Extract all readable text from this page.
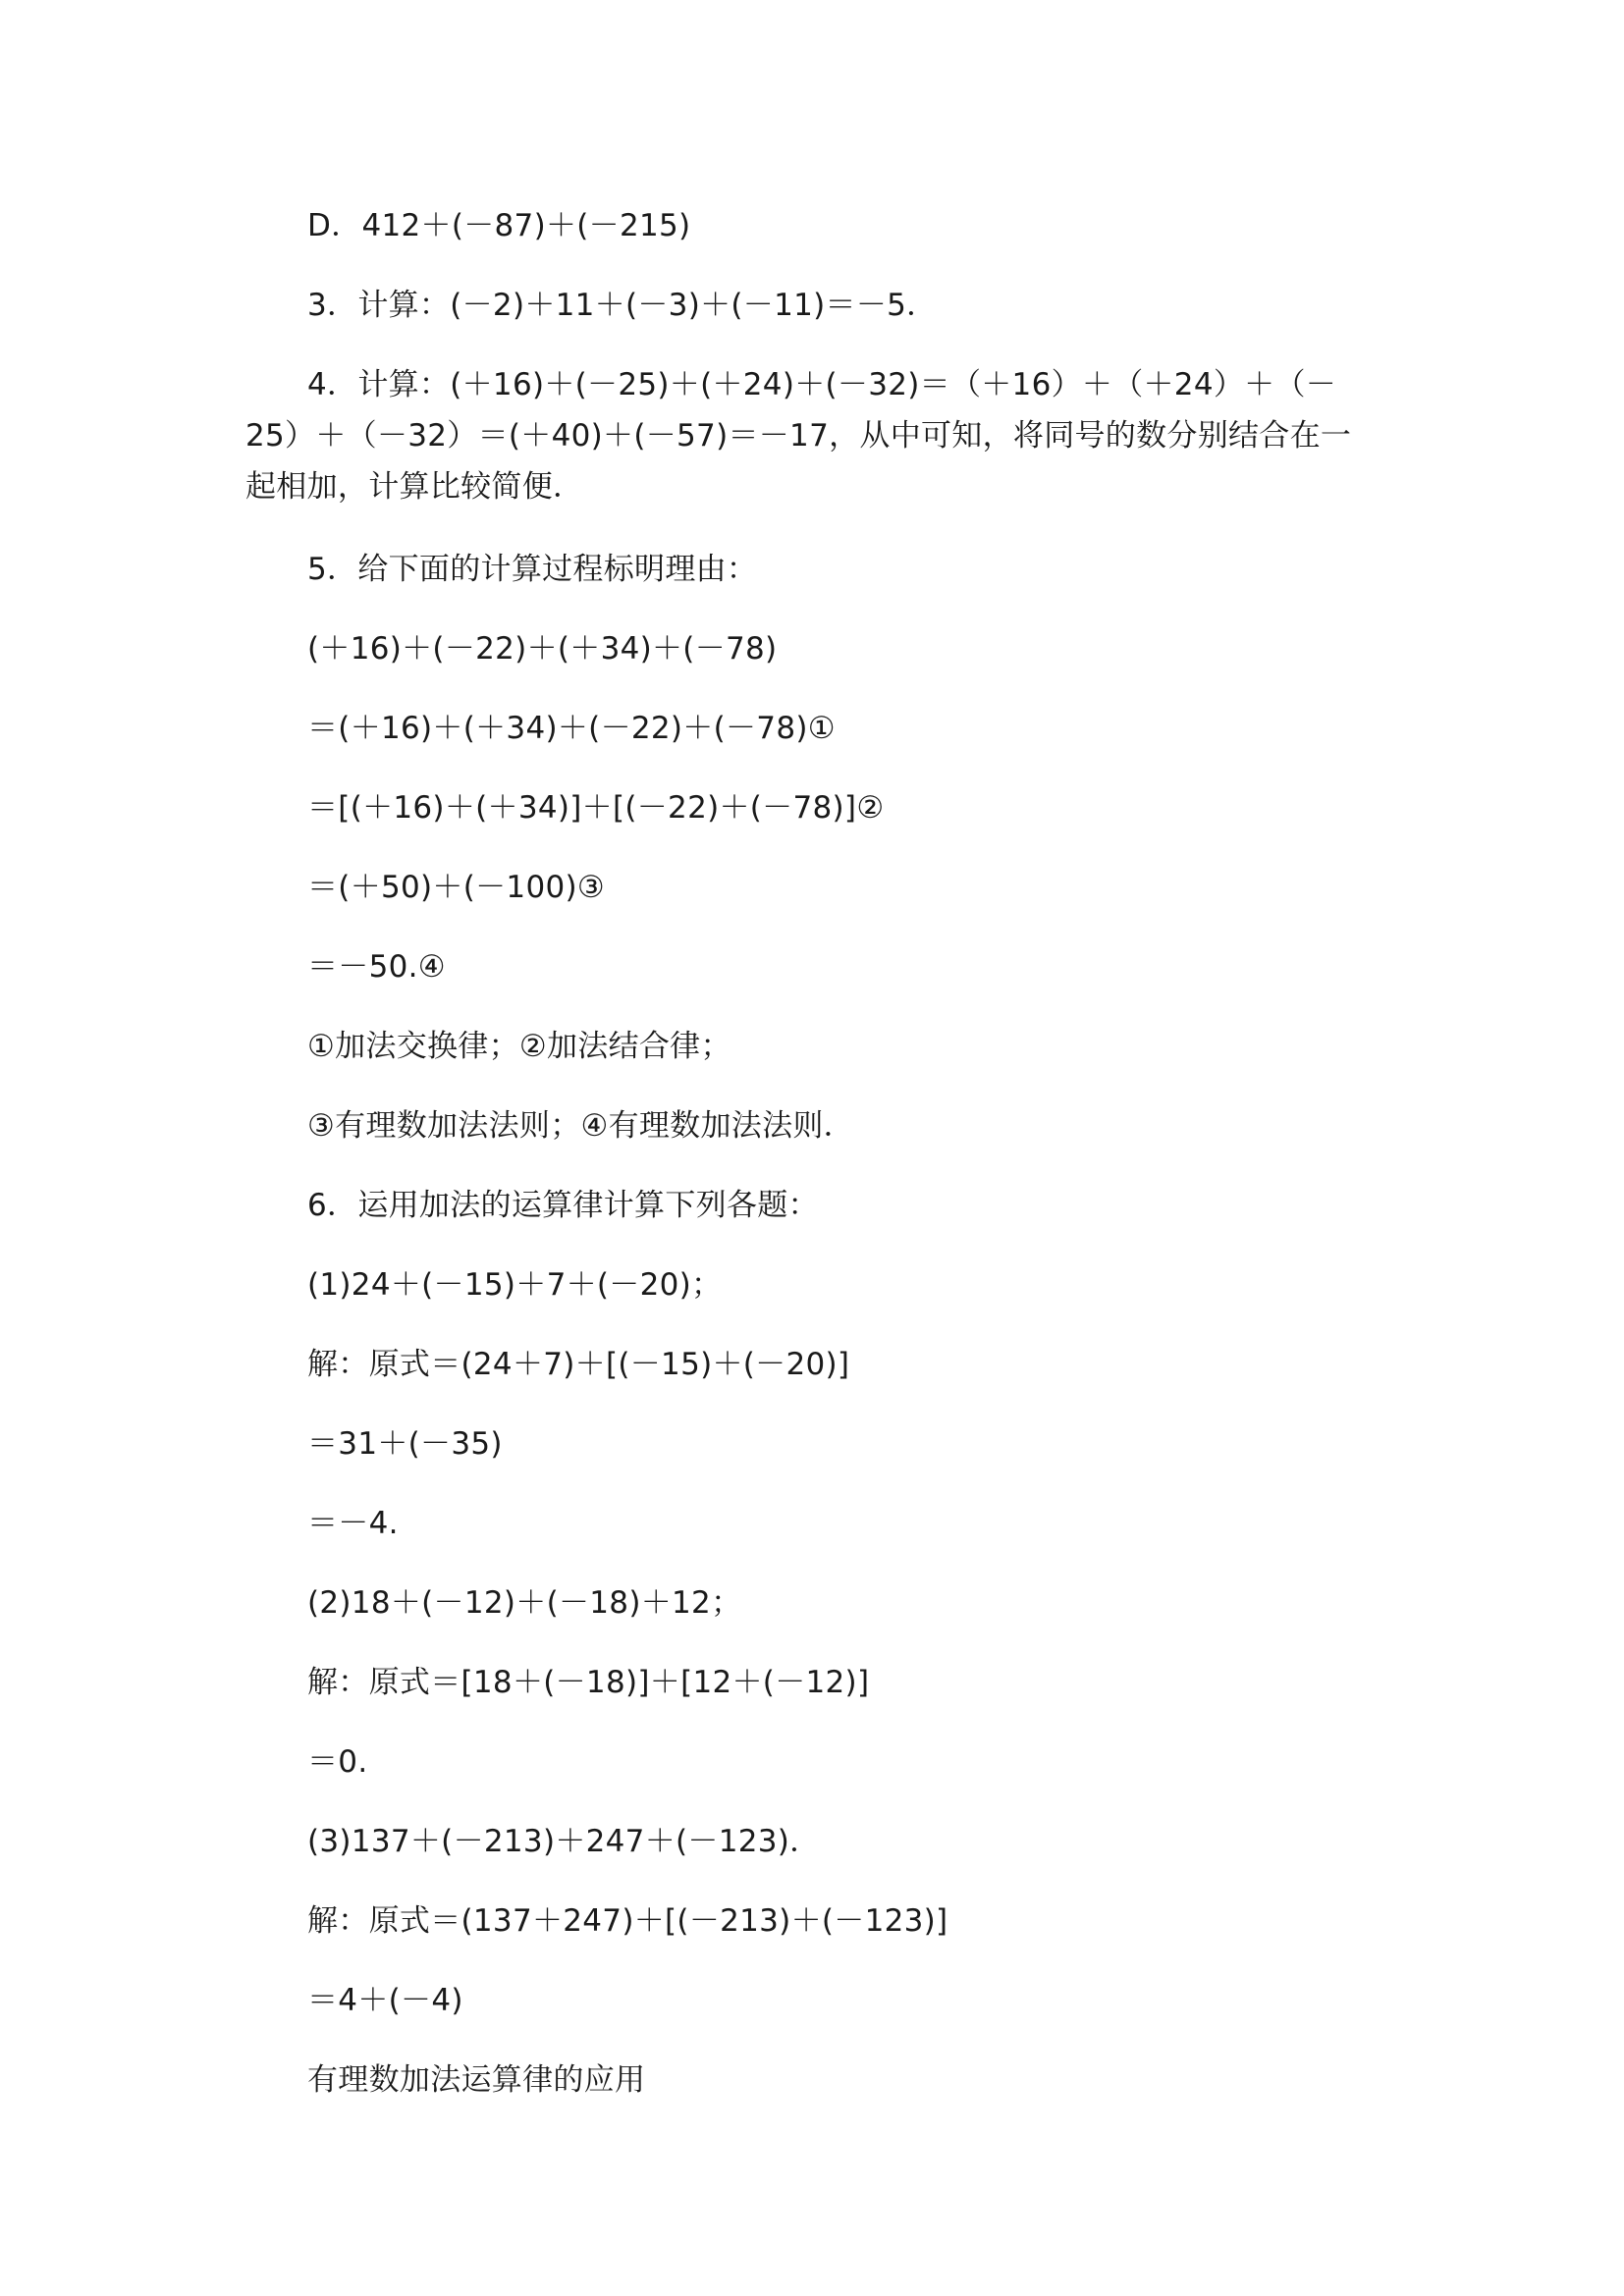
D．412＋(－87)＋(－215)
3．计算：(－2)＋11＋(－3)＋(－11)＝－5．
4．计算：(＋16)＋(－25)＋(＋24)＋(－32)＝（＋16）＋（＋24）＋（－25）＋（－32）＝(＋40)＋(－57)＝－17，从中可知，将同号的数分别结合在一起相加，计算比较简便．
5．给下面的计算过程标明理由：
(＋16)＋(－22)＋(＋34)＋(－78)
＝(＋16)＋(＋34)＋(－22)＋(－78)①
＝[(＋16)＋(＋34)]＋[(－22)＋(－78)]②
＝(＋50)＋(－100)③
＝－50.④
①加法交换律；②加法结合律；
③有理数加法法则；④有理数加法法则．
6．运用加法的运算律计算下列各题：
(1)24＋(－15)＋7＋(－20)；
解：原式＝(24＋7)＋[(－15)＋(－20)]
＝31＋(－35)
＝－4.
(2)18＋(－12)＋(－18)＋12；
解：原式＝[18＋(－18)]＋[12＋(－12)]
＝0.
(3)137＋(－213)＋247＋(－123)．
解：原式＝(137＋247)＋[(－213)＋(－123)]
＝4＋(－4)
有理数加法运算律的应用
